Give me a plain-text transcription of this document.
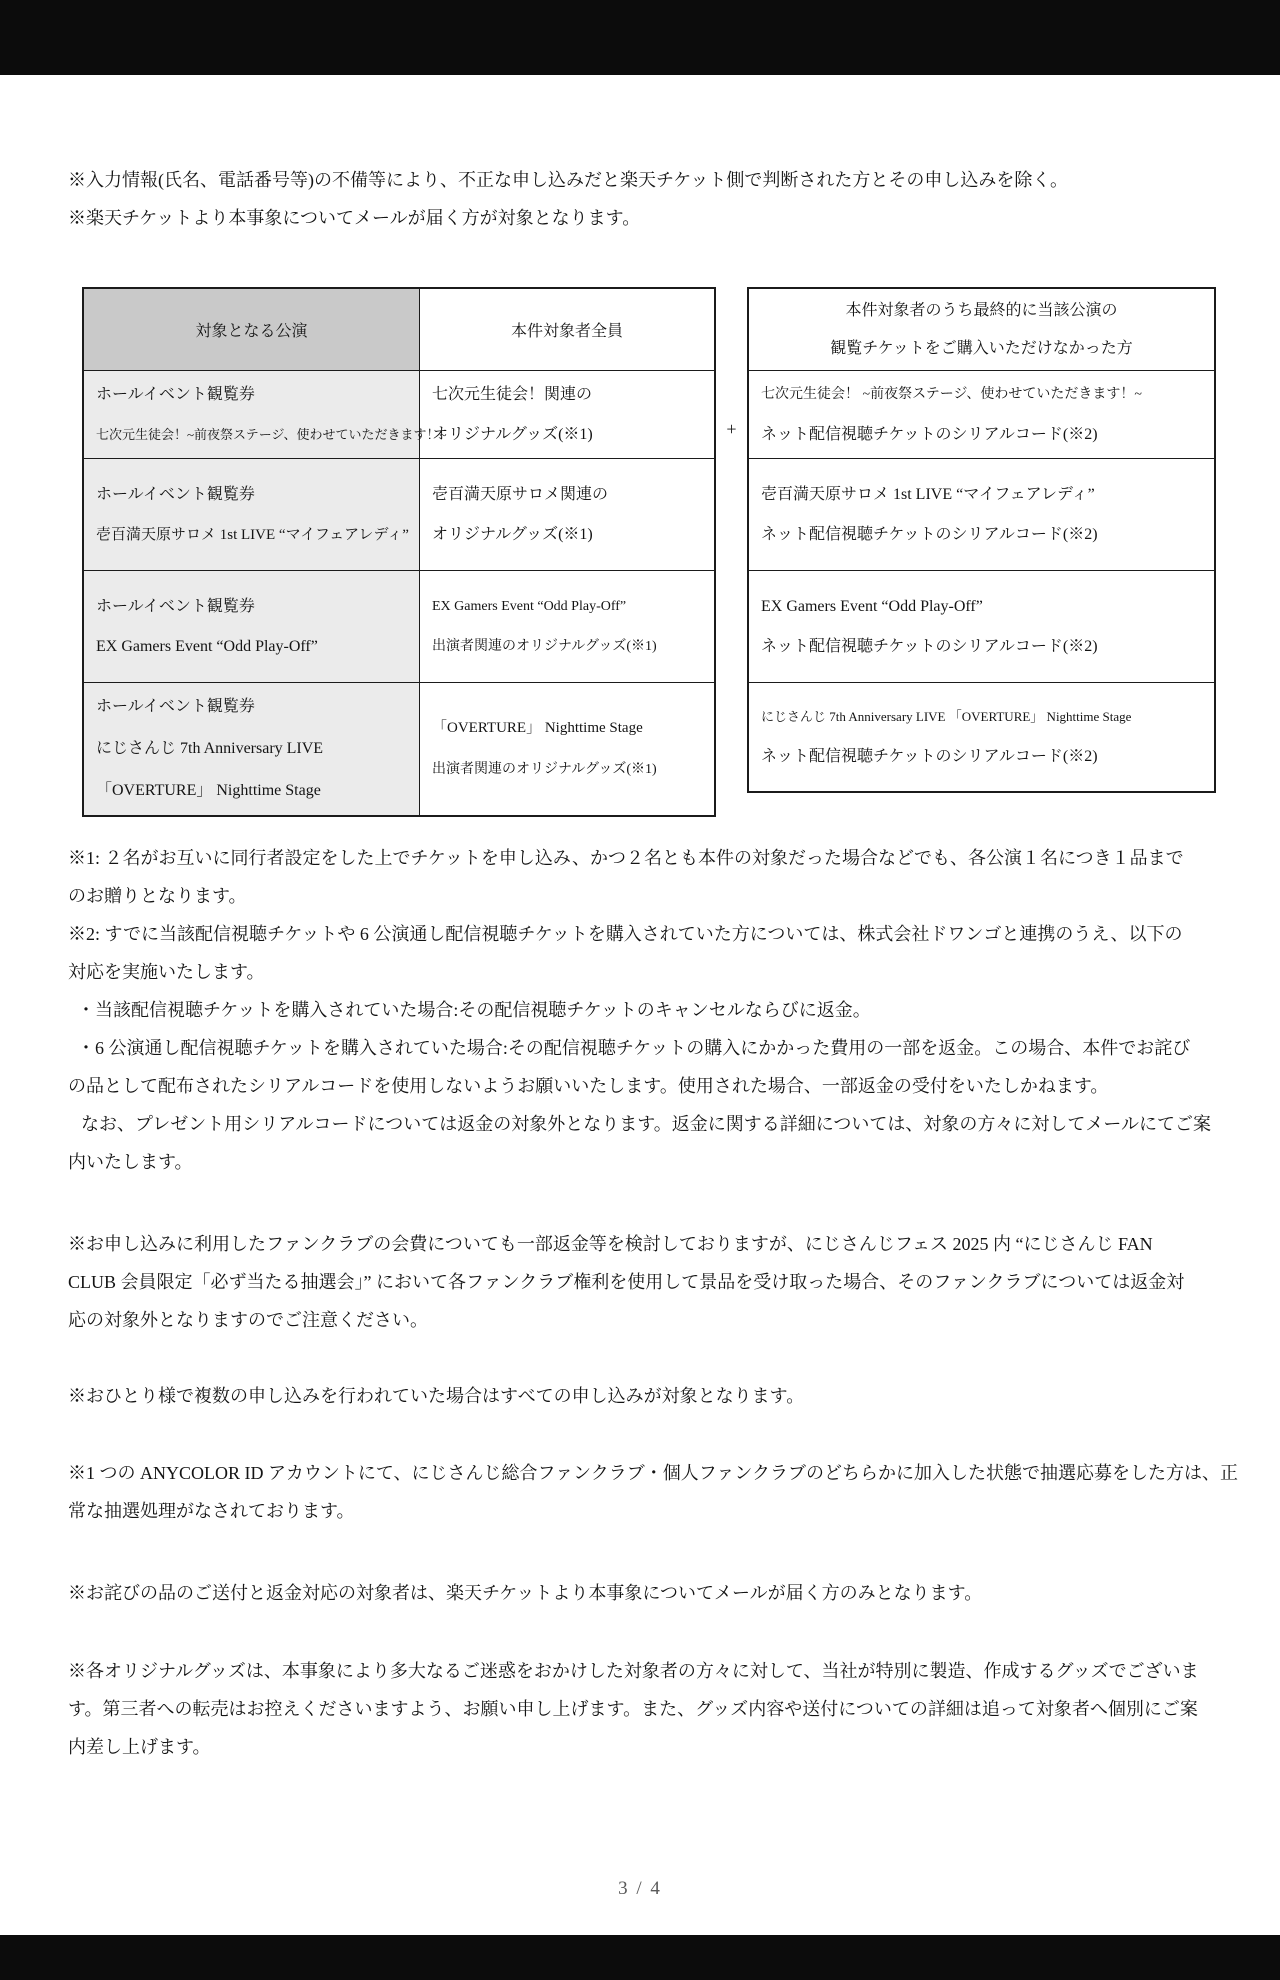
※入力情報(氏名、電話番号等)の不備等により、不正な申し込みだと楽天チケット側で判断された方とその申し込みを除く。
※楽天チケットより本事象についてメールが届く方が対象となります。
対象となる公演	本件対象者全員
ホールイベント観覧券
七次元生徒会！~前夜祭ステージ、使わせていただきます！~
七次元生徒会！関連の
オリジナルグッズ(※1)
ホールイベント観覧券
壱百満天原サロメ 1st LIVE “マイフェアレディ”
壱百満天原サロメ関連の
オリジナルグッズ(※1)
ホールイベント観覧券
EX Gamers Event “Odd Play-Off”
EX Gamers Event “Odd Play-Off”
出演者関連のオリジナルグッズ(※1)
ホールイベント観覧券
にじさんじ 7th Anniversary LIVE
「OVERTURE」 Nighttime Stage
「OVERTURE」 Nighttime Stage
出演者関連のオリジナルグッズ(※1)
+
本件対象者のうち最終的に当該公演の
観覧チケットをご購入いただけなかった方
七次元生徒会！ ~前夜祭ステージ、使わせていただきます！~
ネット配信視聴チケットのシリアルコード(※2)
壱百満天原サロメ 1st LIVE “マイフェアレディ”
ネット配信視聴チケットのシリアルコード(※2)
EX Gamers Event “Odd Play-Off”
ネット配信視聴チケットのシリアルコード(※2)
にじさんじ 7th Anniversary LIVE 「OVERTURE」 Nighttime Stage
ネット配信視聴チケットのシリアルコード(※2)
※1: ２名がお互いに同行者設定をした上でチケットを申し込み、かつ２名とも本件の対象だった場合などでも、各公演１名につき１品まで
のお贈りとなります。
※2: すでに当該配信視聴チケットや 6 公演通し配信視聴チケットを購入されていた方については、株式会社ドワンゴと連携のうえ、以下の
対応を実施いたします。
・当該配信視聴チケットを購入されていた場合:その配信視聴チケットのキャンセルならびに返金。
・6 公演通し配信視聴チケットを購入されていた場合:その配信視聴チケットの購入にかかった費用の一部を返金。この場合、本件でお詫び
の品として配布されたシリアルコードを使用しないようお願いいたします。使用された場合、一部返金の受付をいたしかねます。
なお、プレゼント用シリアルコードについては返金の対象外となります。返金に関する詳細については、対象の方々に対してメールにてご案
内いたします。
※お申し込みに利用したファンクラブの会費についても一部返金等を検討しておりますが、にじさんじフェス 2025 内 “にじさんじ FAN
CLUB 会員限定「必ず当たる抽選会」” において各ファンクラブ権利を使用して景品を受け取った場合、そのファンクラブについては返金対
応の対象外となりますのでご注意ください。
※おひとり様で複数の申し込みを行われていた場合はすべての申し込みが対象となります。
※1 つの ANYCOLOR ID アカウントにて、にじさんじ総合ファンクラブ・個人ファンクラブのどちらかに加入した状態で抽選応募をした方は、正
常な抽選処理がなされております。
※お詫びの品のご送付と返金対応の対象者は、楽天チケットより本事象についてメールが届く方のみとなります。
※各オリジナルグッズは、本事象により多大なるご迷惑をおかけした対象者の方々に対して、当社が特別に製造、作成するグッズでございま
す。第三者への転売はお控えくださいますよう、お願い申し上げます。また、グッズ内容や送付についての詳細は追って対象者へ個別にご案
内差し上げます。
3 / 4
